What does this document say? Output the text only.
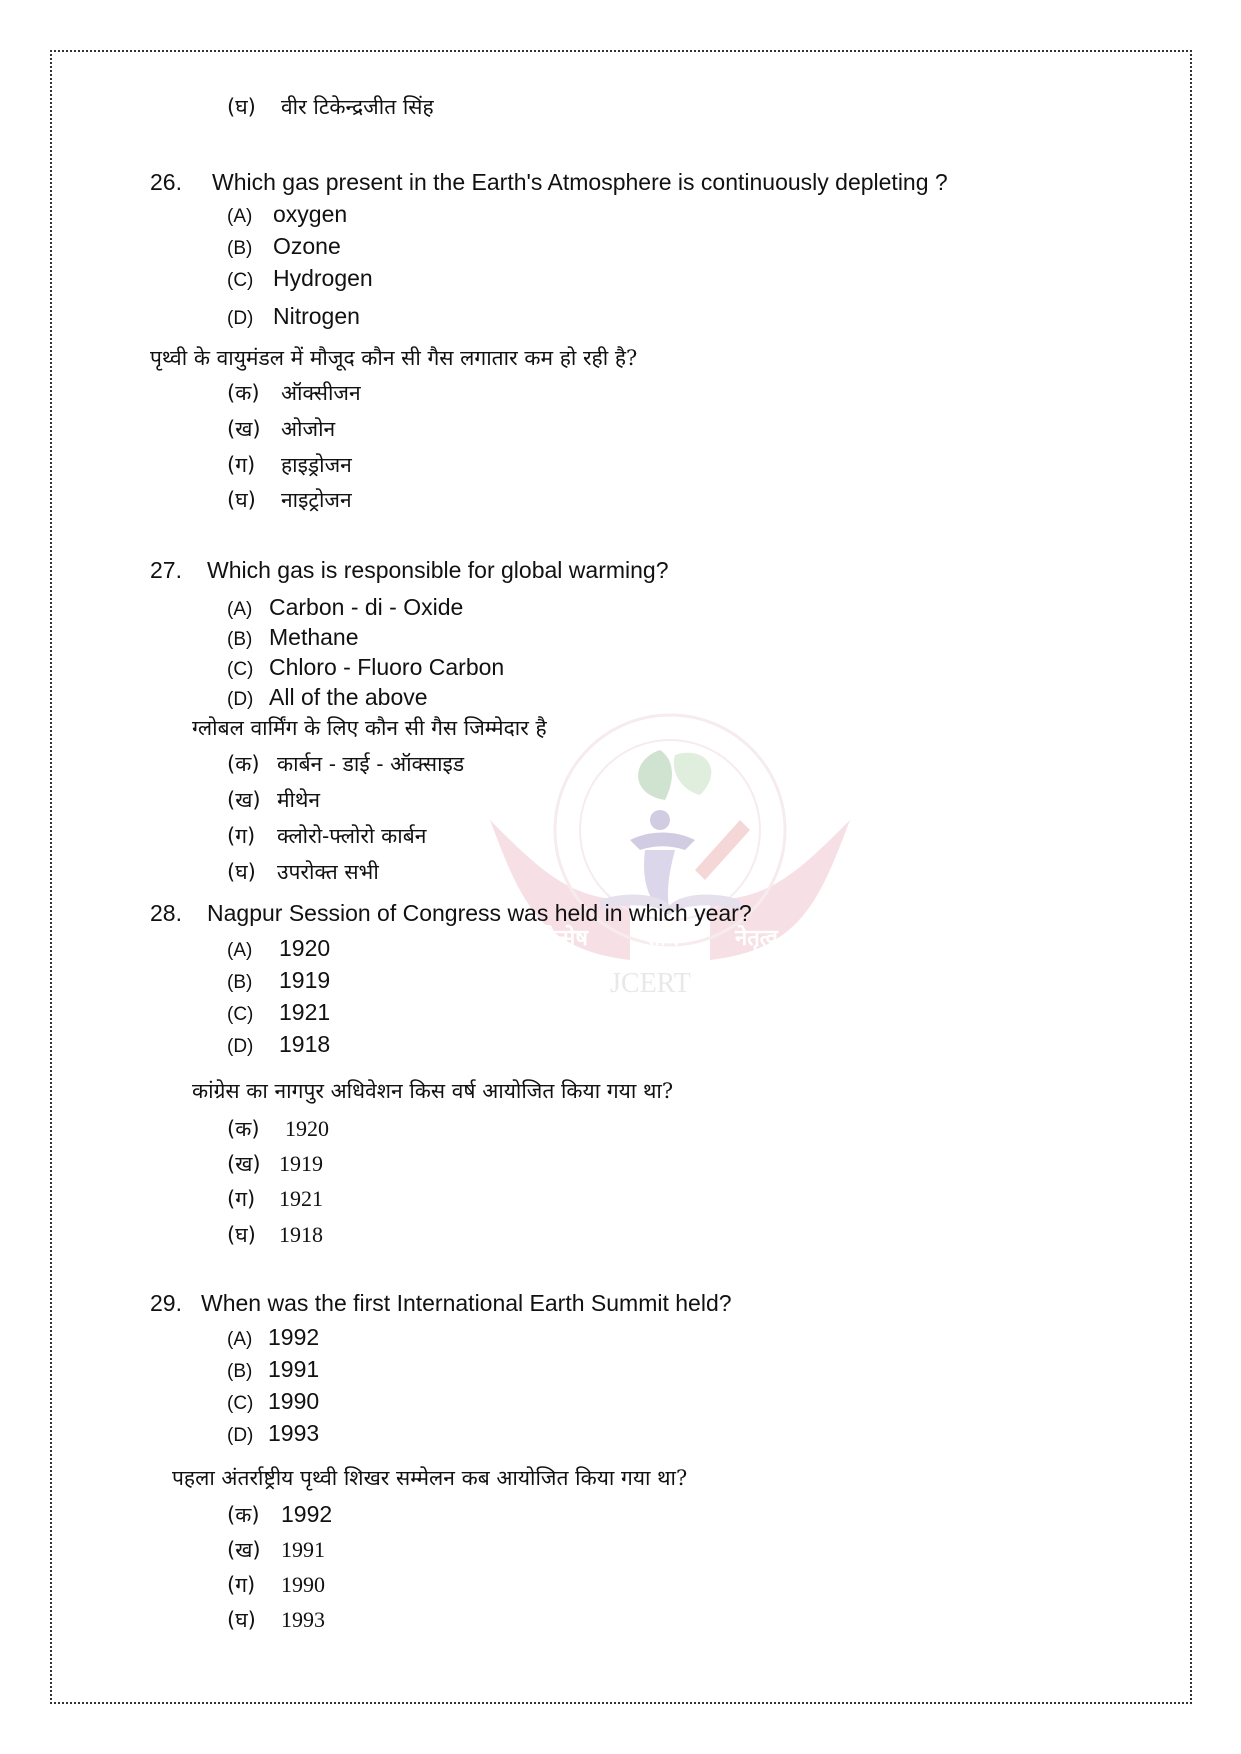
नवोन्मेष	शोध	नेतृत्व
JCERT
(घ) वीर टिकेन्द्रजीत सिंह
26. Which gas present in the Earth's Atmosphere is continuously depleting ?
(A) oxygen
(B) Ozone
(C) Hydrogen
(D) Nitrogen
पृथ्वी के वायुमंडल में मौजूद कौन सी गैस लगातार कम हो रही है?
(क) ऑक्सीजन
(ख) ओजोन
(ग) हाइड्रोजन
(घ) नाइट्रोजन
27. Which gas is responsible for global warming?
(A) Carbon - di - Oxide
(B) Methane
(C) Chloro - Fluoro Carbon
(D) All of the above
ग्लोबल वार्मिंग के लिए कौन सी गैस जिम्मेदार है
(क) कार्बन - डाई - ऑक्साइड
(ख) मीथेन
(ग) क्लोरो-फ्लोरो कार्बन
(घ) उपरोक्त सभी
28. Nagpur Session of Congress was held in which year?
(A) 1920
(B) 1919
(C) 1921
(D) 1918
कांग्रेस का नागपुर अधिवेशन किस वर्ष आयोजित किया गया था?
(क) 1920
(ख) 1919
(ग) 1921
(घ) 1918
29. When was the first International Earth Summit held?
(A) 1992
(B) 1991
(C) 1990
(D) 1993
पहला अंतर्राष्ट्रीय पृथ्वी शिखर सम्मेलन कब आयोजित किया गया था?
(क) 1992
(ख) 1991
(ग) 1990
(घ) 1993
